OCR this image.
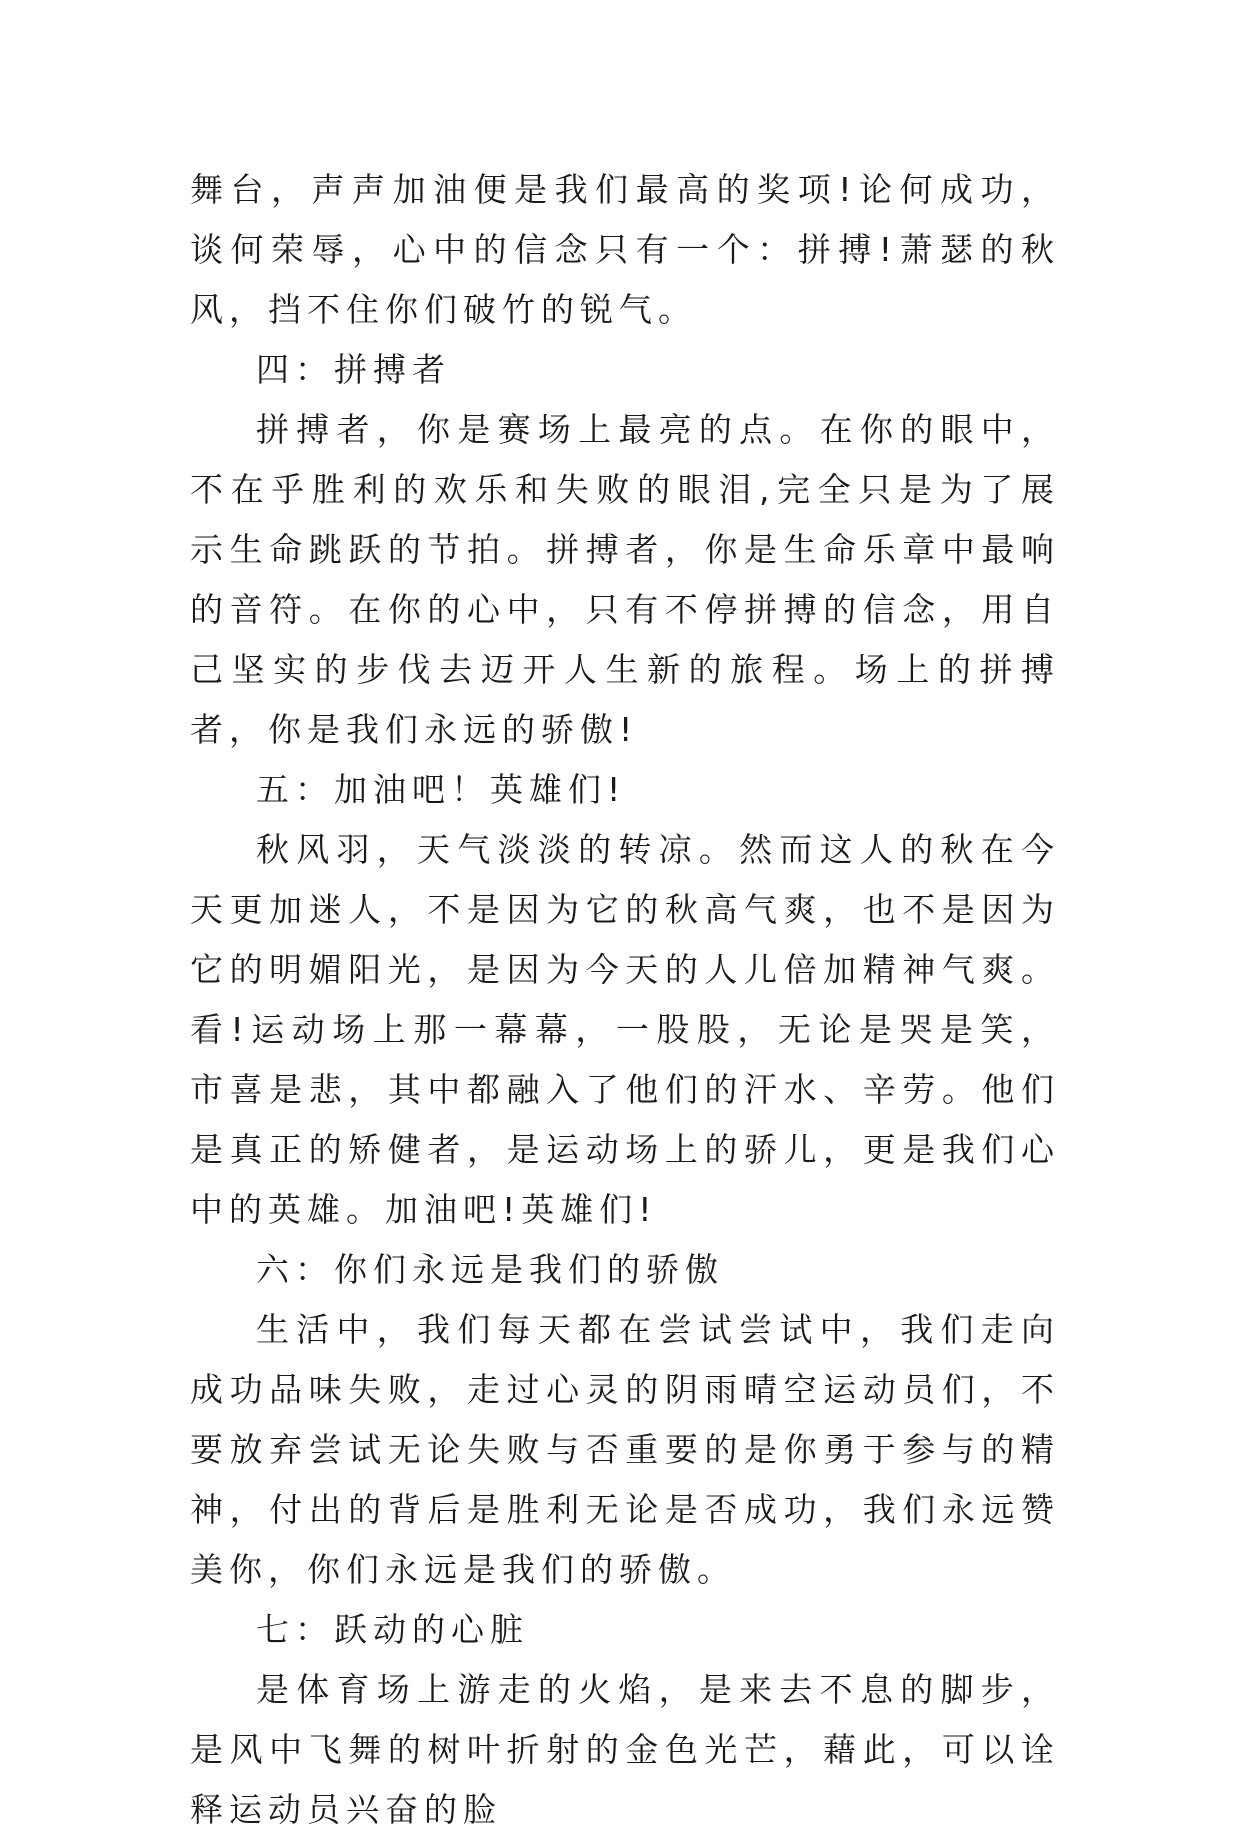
舞台，声声加油便是我们最高的奖项!论何成功，谈何荣辱，心中的信念只有一个：拼搏!萧瑟的秋风，挡不住你们破竹的锐气。

四：拼搏者

拼搏者，你是赛场上最亮的点。在你的眼中，不在乎胜利的欢乐和失败的眼泪,完全只是为了展示生命跳跃的节拍。拼搏者，你是生命乐章中最响的音符。在你的心中，只有不停拼搏的信念，用自己坚实的步伐去迈开人生新的旅程。场上的拼搏者，你是我们永远的骄傲!

五：加油吧！英雄们!

秋风羽，天气淡淡的转凉。然而这人的秋在今天更加迷人，不是因为它的秋高气爽，也不是因为它的明媚阳光，是因为今天的人儿倍加精神气爽。看!运动场上那一幕幕，一股股，无论是哭是笑，市喜是悲，其中都融入了他们的汗水、辛劳。他们是真正的矫健者，是运动场上的骄儿，更是我们心中的英雄。加油吧!英雄们!

六：你们永远是我们的骄傲

生活中，我们每天都在尝试尝试中，我们走向成功品味失败，走过心灵的阴雨晴空运动员们，不要放弃尝试无论失败与否重要的是你勇于参与的精神，付出的背后是胜利无论是否成功，我们永远赞美你，你们永远是我们的骄傲。

七：跃动的心脏

是体育场上游走的火焰，是来去不息的脚步，是风中飞舞的树叶折射的金色光芒，藉此，可以诠释运动员兴奋的脸
